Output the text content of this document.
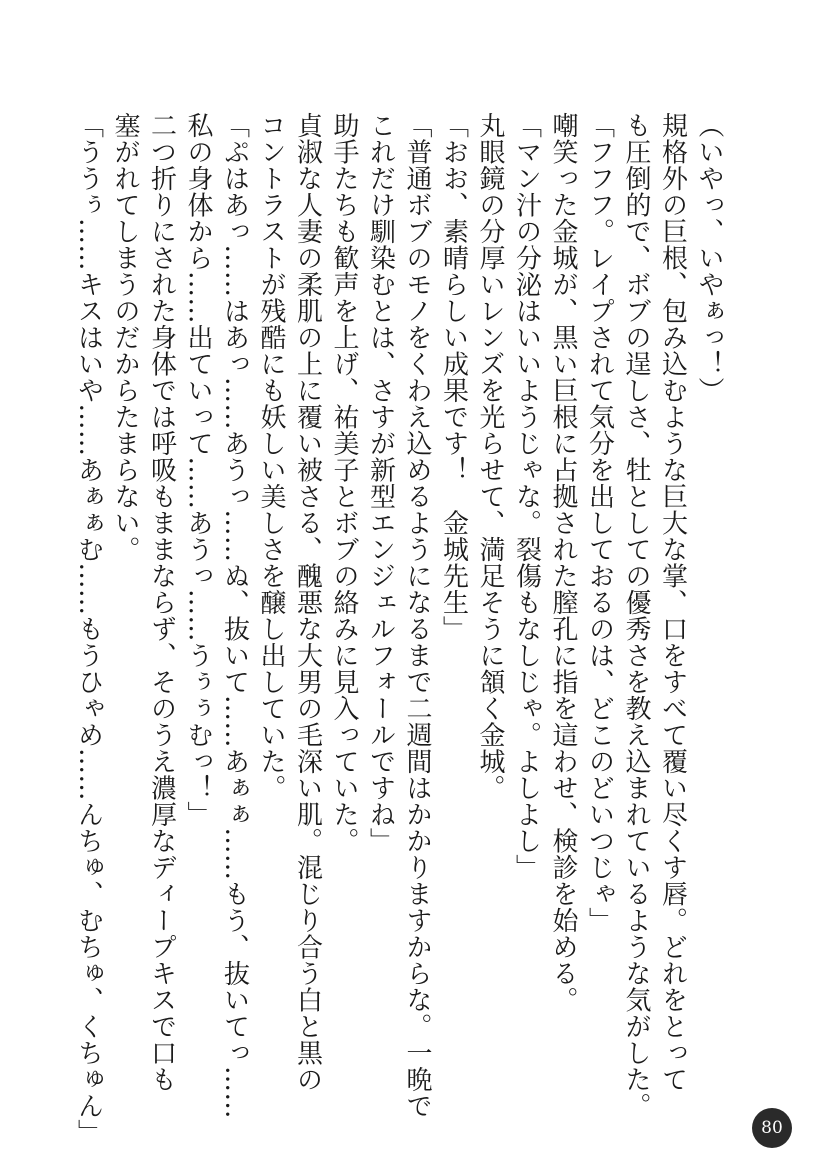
（いやっ、いやぁっ！）
規格外の巨根、包み込むような巨大な掌、口をすべて覆い尽くす唇。どれをとって
も圧倒的で、ボブの逞しさ、牡としての優秀さを教え込まれているような気がした。
「フフフ。レイプされて気分を出しておるのは、どこのどいつじゃ」
嘲笑った金城が、黒い巨根に占拠された膣孔に指を這わせ、検診を始める。
「マン汁の分泌はいいようじゃな。裂傷もなしじゃ。よしよし」
丸眼鏡の分厚いレンズを光らせて、満足そうに頷く金城。
「おお、素晴らしい成果です！　金城先生」
「普通ボブのモノをくわえ込めるようになるまで二週間はかかりますからな。一晩で
これだけ馴染むとは、さすが新型エンジェルフォールですね」
助手たちも歓声を上げ、祐美子とボブの絡みに見入っていた。
貞淑な人妻の柔肌の上に覆い被さる、醜悪な大男の毛深い肌。混じり合う白と黒の
コントラストが残酷にも妖しい美しさを醸し出していた。
「ぷはあっ……はあっ……あうっ……ぬ、抜いて……あぁぁ……もう、抜いてっ……
私の身体から……出ていって……あうっ……うぅぅむっ！」
二つ折りにされた身体では呼吸もままならず、そのうえ濃厚なディープキスで口も
塞がれてしまうのだからたまらない。
「ううぅ……キスはいや……あぁぁむ……もうひゃめ……んちゅ、むちゅ、くちゅん」	80
